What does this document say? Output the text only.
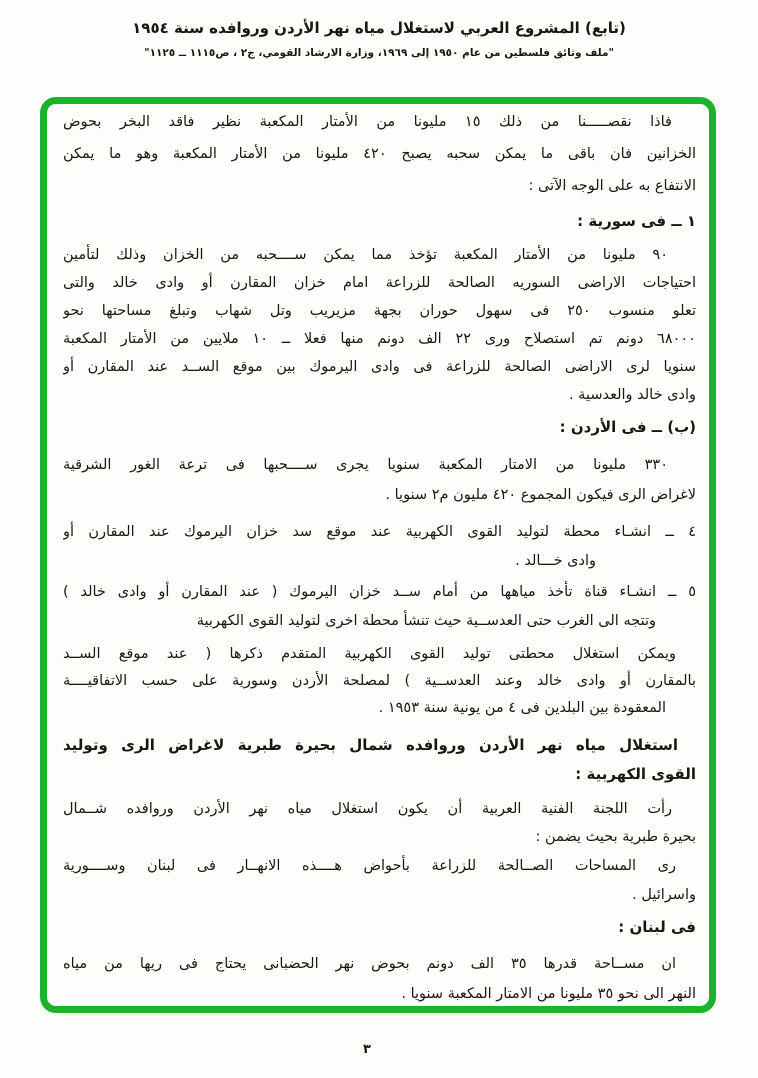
(تابع) المشروع العربي لاستغلال مياه نهر الأردن وروافده سنة ١٩٥٤
"ملف وثائق فلسطين من عام ١٩٥٠ إلى ١٩٦٩، وزارة الارشاد القومي، ج٢ ، ص١١١٥ ــ ١١٢٥"
فاذا نقصـــــنا من ذلك ١٥ مليونا من الأمتار المكعبة نظير فاقد البخر بحوض
الخزانين فان باقى ما يمكن سحبه يصبح ٤٢٠ مليونا من الأمتار المكعبة وهو ما يمكن
الانتفاع به على الوجه الآتى :
١ ــ فى سورية :
٩٠ مليونا من الأمتار المكعبة تؤخذ مما يمكن ســــحبه من الخزان وذلك لتأمين
احتياجات الاراضى السوريه الصالحة للزراعة امام خزان المقارن أو وادى خالد والتى
تعلو منسوب ٢٥٠ فى سهول حوران بجهة مزيريب وتل شهاب وتبلغ مساحتها نحو
٦٨٠٠٠ دونم تم استصلاح ورى ٢٢ الف دونم منها فعلا ــ ١٠ ملايين من الأمتار المكعبة
سنويا لرى الاراضى الصالحة للزراعة فى وادى اليرموك بين موقع الســد عند المقارن أو
وادى خالد والعدسية .
(ب) ــ فى الأردن :
٣٣٠ مليونا من الامتار المكعبة سنويا يجرى ســــحبها فى ترعة الغور الشرقية
لاغراض الرى فيكون المجموع ٤٢٠ مليون م٢ سنويا .
٤ ــ انشـاء محطة لتوليد القوى الكهربية عند موقع سد خزان اليرموك عند المقارن أو
وادى خـــالد .
٥ ــ انشـاء قناة تأخذ مياهها من أمام ســد خزان اليرموك ( عند المقارن أو وادى خالد )
وتتجه الى الغرب حتى العدســية حيث تنشأ محطة اخرى لتوليد القوى الكهربية
ويمكن استغلال محطتى توليد القوى الكهربية المتقدم ذكرها ( عند موقع الســد
بالمقارن أو وادى خالد وعند العدســية ) لمصلحة الأردن وسورية على حسب الاتفاقيــــة
المعقودة بين البلدين فى ٤ من يونية سنة ١٩٥٣ .
استغلال مياه نهر الأردن وروافده شمال بحيرة طبرية لاغراض الرى وتوليد
القوى الكهربية :
رأت اللجنة الفنية العربية أن يكون استغلال مياه نهر الأردن وروافده شــمال
بحيرة طبرية بحيث يضمن :
رى المساحات الصــالحة للزراعة بأحواض هــــذه الانهــار فى لبنان وســــورية
واسرائيل .
فى لبنان :
ان مســاحة قدرها ٣٥ الف دونم بحوض نهر الحضبانى يحتاج فى ريها من مياه
النهر الى نحو ٣٥ مليونا من الامتار المكعبة سنويا .
٣
